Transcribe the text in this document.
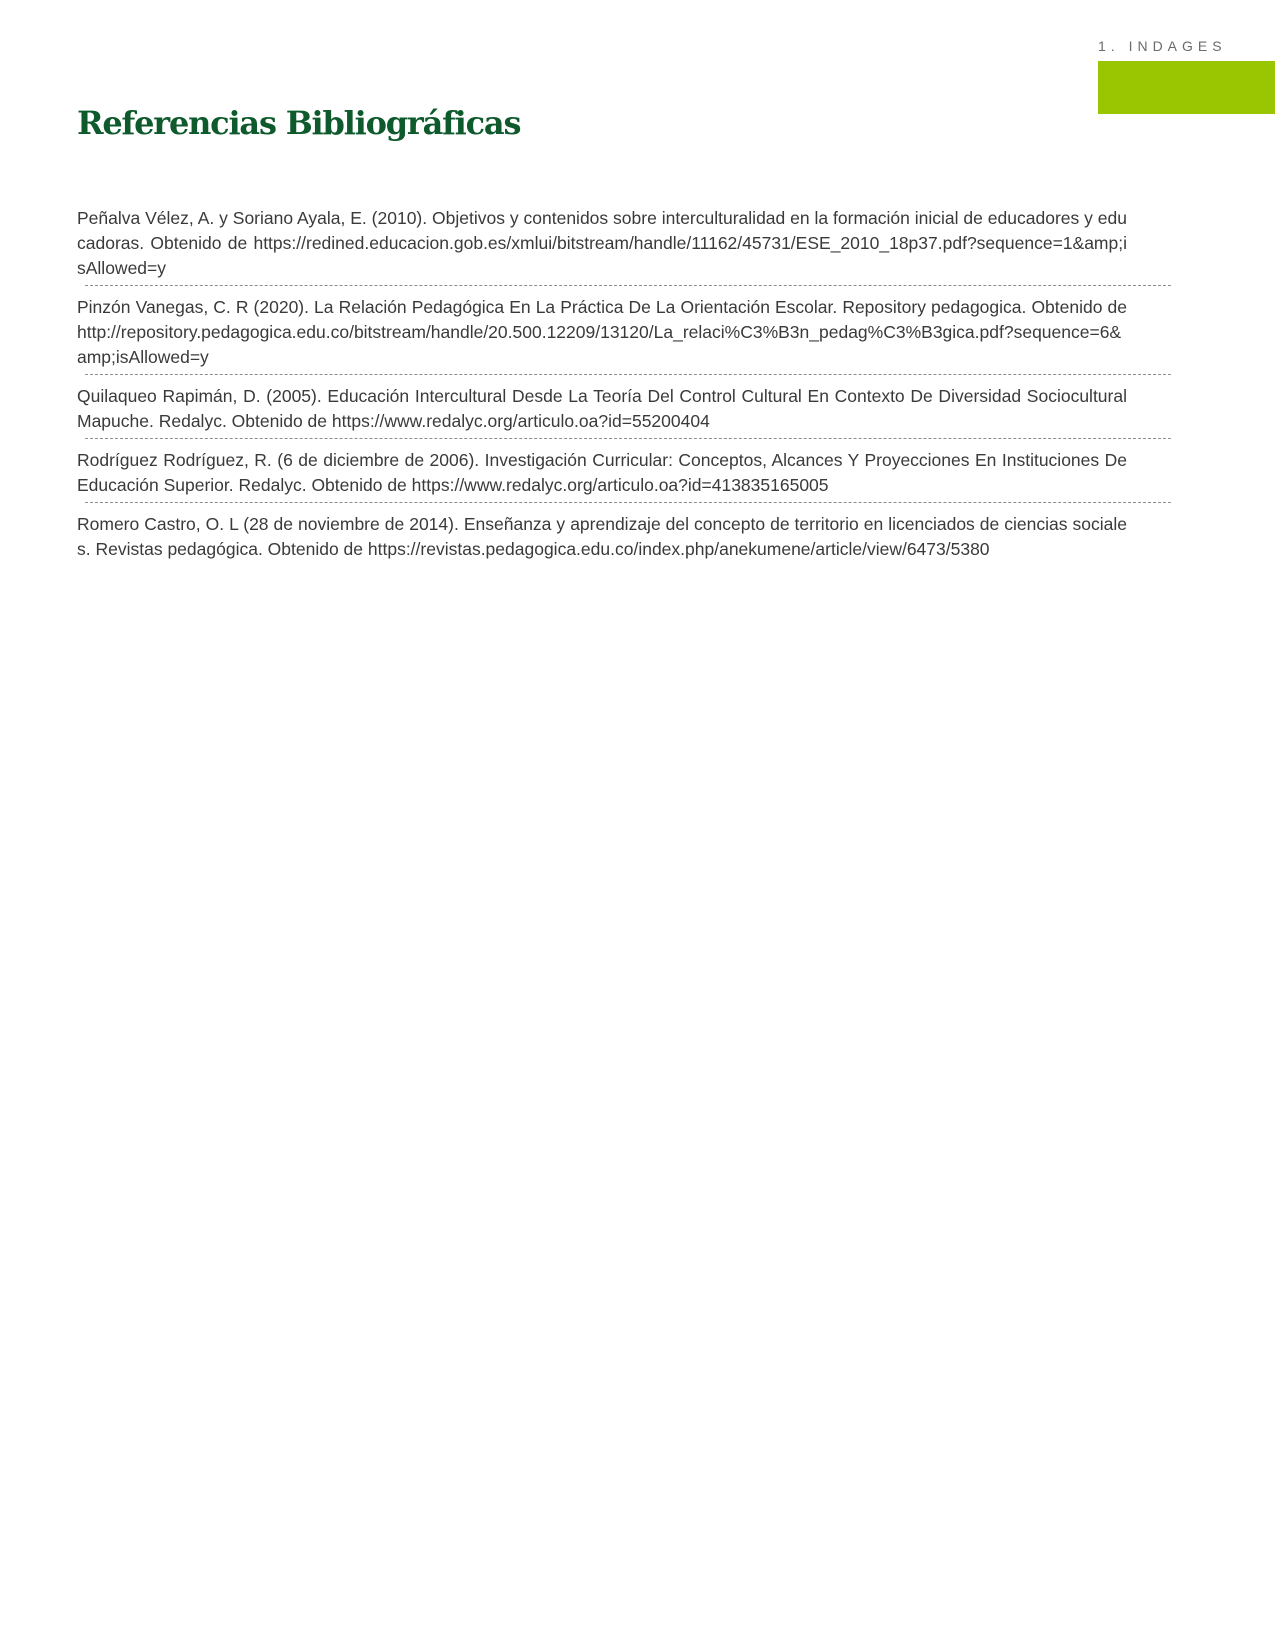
1. INDAGES
Referencias Bibliográficas
Peñalva Vélez, A. y Soriano Ayala, E. (2010). Objetivos y contenidos sobre interculturalidad en la formación inicial de educadores y educadoras. Obtenido de https://redined.educacion.gob.es/xmlui/bitstream/handle/11162/45731/ESE_2010_18p37.pdf?sequence=1&amp;isAllowed=y
Pinzón Vanegas, C. R (2020). La Relación Pedagógica En La Práctica De La Orientación Escolar. Repository pedagogica. Obtenido de http://repository.pedagogica.edu.co/bitstream/handle/20.500.12209/13120/La_relaci%C3%B3n_pedag%C3%B3gica.pdf?sequence=6&amp;isAllowed=y
Quilaqueo Rapimán, D. (2005). Educación Intercultural Desde La Teoría Del Control Cultural En Contexto De Diversidad Sociocultural Mapuche. Redalyc. Obtenido de https://www.redalyc.org/articulo.oa?id=55200404
Rodríguez Rodríguez, R. (6 de diciembre de 2006). Investigación Curricular: Conceptos, Alcances Y Proyecciones En Instituciones De Educación Superior. Redalyc. Obtenido de https://www.redalyc.org/articulo.oa?id=413835165005
Romero Castro, O. L (28 de noviembre de 2014). Enseñanza y aprendizaje del concepto de territorio en licenciados de ciencias sociales. Revistas pedagógica. Obtenido de https://revistas.pedagogica.edu.co/index.php/anekumene/article/view/6473/5380
